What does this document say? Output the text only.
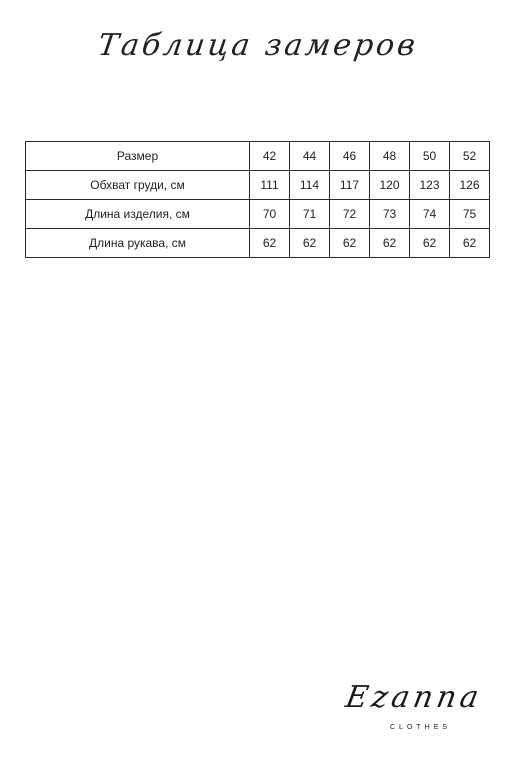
Таблица замеров
Размер	42	44	46	48	50	52
Обхват груди, см	111	114	117	120	123	126
Длина изделия, см	70	71	72	73	74	75
Длина рукава, см	62	62	62	62	62	62
Ezanna
CLOTHES
